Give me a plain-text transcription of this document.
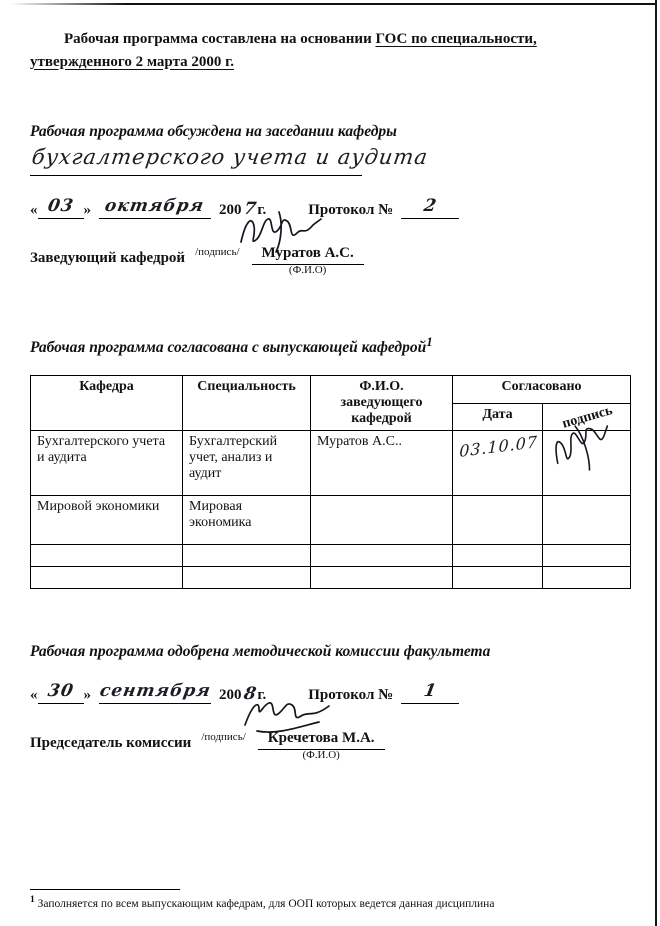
Рабочая программа составлена на основании ГОС по специальности,
утвержденного 2 марта 2000 г.

Рабочая программа обсуждена на заседании кафедры
бухгалтерского учета и аудита
« 03 » октября 2007г.	Протокол № 2
Заведующий кафедрой /подпись/	Муратов А.С.
(Ф.И.О)
Рабочая программа согласована с выпускающей кафедрой$^1$
Кафедра	Специальность	Ф.И.О. заведующего кафедрой	Согласовано	
			Дата	подпись
Бухгалтерского учета и аудита	Бухгалтерский учет, анализ и аудит	Муратов А.С..	03.10.07	

Мировой экономики	Мировая экономика			

Рабочая программа одобрена методической комиссии факультета
« 30 » сентября 2008г.	Протокол № 1
Председатель комиссии /подпись/	Кречетова М.А.
(Ф.И.О)

$^1$ Заполняется по всем выпускающим кафедрам, для ООП которых ведется данная дисциплина
